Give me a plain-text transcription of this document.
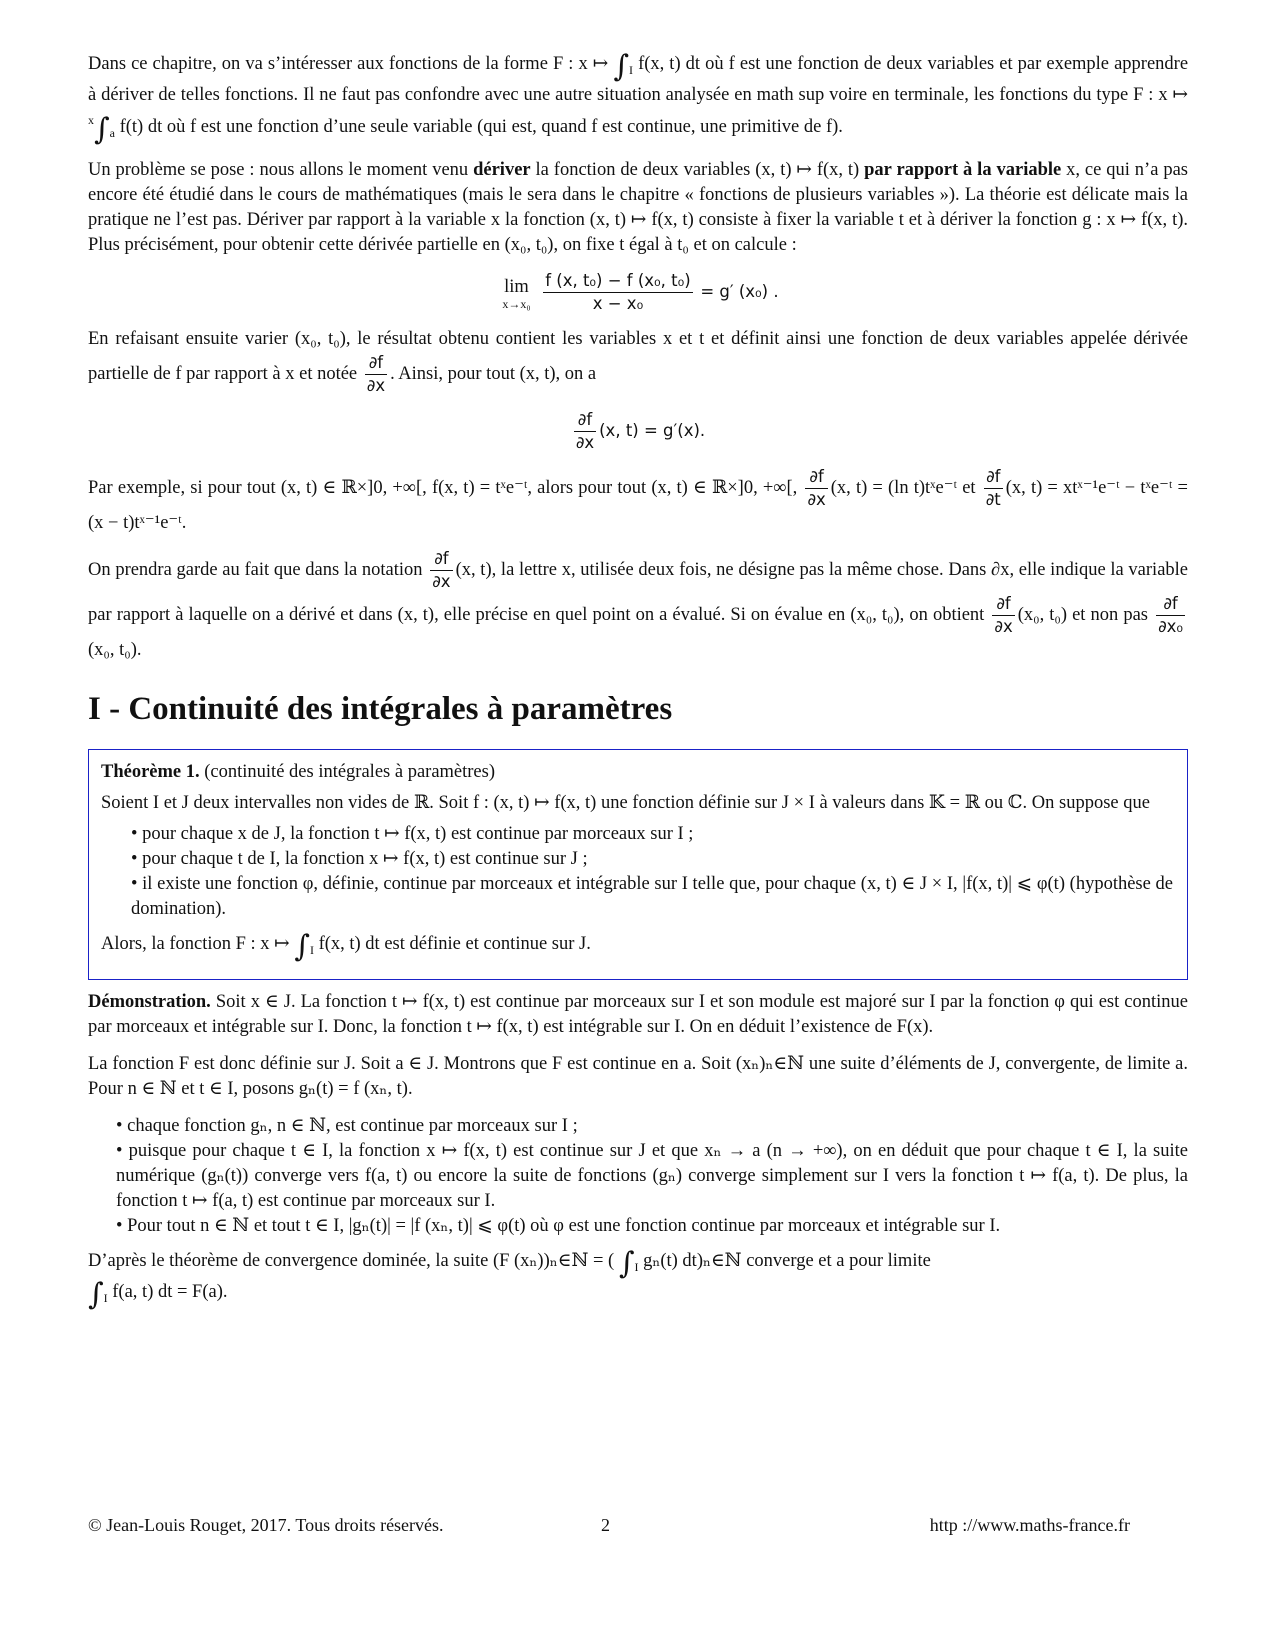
Dans ce chapitre, on va s’intéresser aux fonctions de la forme F : x ↦ $\int_I$ f(x, t) dt où f est une fonction de deux variables et par exemple apprendre à dériver de telles fonctions. Il ne faut pas confondre avec une autre situation analysée en math sup voire en terminale, les fonctions du type F : x ↦ $^x\int_a$ f(t) dt où f est une fonction d’une seule variable (qui est, quand f est continue, une primitive de f).

Un problème se pose : nous allons le moment venu dériver la fonction de deux variables (x, t) ↦ f(x, t) par rapport à la variable x, ce qui n’a pas encore été étudié dans le cours de mathématiques (mais le sera dans le chapitre « fonctions de plusieurs variables »). La théorie est délicate mais la pratique ne l’est pas. Dériver par rapport à la variable x la fonction (x, t) ↦ f(x, t) consiste à fixer la variable t et à dériver la fonction g : x ↦ f(x, t). Plus précisément, pour obtenir cette dérivée partielle en (x₀, t₀), on fixe t égal à t₀ et on calcule :

lim
x→x₀
$\frac{\text{f (x, t₀) − f (x₀, t₀)}}{\text{x − x₀}} = g'$ (x₀) .

En refaisant ensuite varier (x₀, t₀), le résultat obtenu contient les variables x et t et définit ainsi une fonction de deux variables appelée dérivée partielle de f par rapport à x et notée $\frac{\partial f}{\partial x}$ . Ainsi, pour tout (x, t), on a

$\frac{\partial f}{\partial x} (x$, t) = g′(x).

Par exemple, si pour tout (x, t) ∈ ℝ×]0, +∞[, f(x, t) = tˣe⁻ᵗ, alors pour tout (x, t) ∈ ℝ×]0, +∞[, $\frac{\partial f}{\partial x} (x$, t) = (ln t)tˣe⁻ᵗ et $\frac{\partial f}{\partial t} (x$, t) = xtˣ⁻¹e⁻ᵗ − tˣe⁻ᵗ = (x − t)tˣ⁻¹e⁻ᵗ.

On prendra garde au fait que dans la notation $\frac{\partial f}{\partial x} (x$, t), la lettre x, utilisée deux fois, ne désigne pas la même chose. Dans ∂x, elle indique la variable par rapport à laquelle on a dérivé et dans (x, t), elle précise en quel point on a évalué. Si on évalue en (x₀, t₀), on obtient $\frac{\partial f}{\partial x} (x_0$, t₀) et non pas $\frac{\partial f}{\text{∂x₀}}$
(x₀, t₀).

I - Continuité des intégrales à paramètres

Théorème 1. (continuité des intégrales à paramètres)

Soient I et J deux intervalles non vides de ℝ. Soit f : (x, t) ↦ f(x, t) une fonction définie sur J × I à valeurs dans 𝕂 = ℝ ou ℂ. On suppose que

• pour chaque x de J, la fonction t ↦ f(x, t) est continue par morceaux sur I ;
• pour chaque t de I, la fonction x ↦ f(x, t) est continue sur J ;
• il existe une fonction φ, définie, continue par morceaux et intégrable sur I telle que, pour chaque (x, t) ∈ J × I, |f(x, t)| ⩽ φ(t) (hypothèse de domination).

Alors, la fonction F : x ↦ $\int_I$ f(x, t) dt est définie et continue sur J.

Démonstration. Soit x ∈ J. La fonction t ↦ f(x, t) est continue par morceaux sur I et son module est majoré sur I par la fonction φ qui est continue par morceaux et intégrable sur I. Donc, la fonction t ↦ f(x, t) est intégrable sur I. On en déduit l’existence de F(x).

La fonction F est donc définie sur J. Soit a ∈ J. Montrons que F est continue en a. Soit (xₙ)ₙ∈ℕ une suite d’éléments de J, convergente, de limite a. Pour n ∈ ℕ et t ∈ I, posons gₙ(t) = f (xₙ, t).

• chaque fonction gₙ, n ∈ ℕ, est continue par morceaux sur I ;
• puisque pour chaque t ∈ I, la fonction x ↦ f(x, t) est continue sur J et que xₙ → a (n → +∞), on en déduit que pour chaque t ∈ I, la suite numérique (gₙ(t)) converge vers f(a, t) ou encore la suite de fonctions (gₙ) converge simplement sur I vers la fonction t ↦ f(a, t). De plus, la fonction t ↦ f(a, t) est continue par morceaux sur I.
• Pour tout n ∈ ℕ et tout t ∈ I, |gₙ(t)| = |f (xₙ, t)| ⩽ φ(t) où φ est une fonction continue par morceaux et intégrable sur I.

D’après le théorème de convergence dominée, la suite (F (xₙ))ₙ∈ℕ = ( $\int_I$ gₙ(t) dt)ₙ∈ℕ converge et a pour limite
$\int_I$ f(a, t) dt = F(a).

© Jean-Louis Rouget, 2017. Tous droits réservés.	2	http ://www.maths-france.fr
